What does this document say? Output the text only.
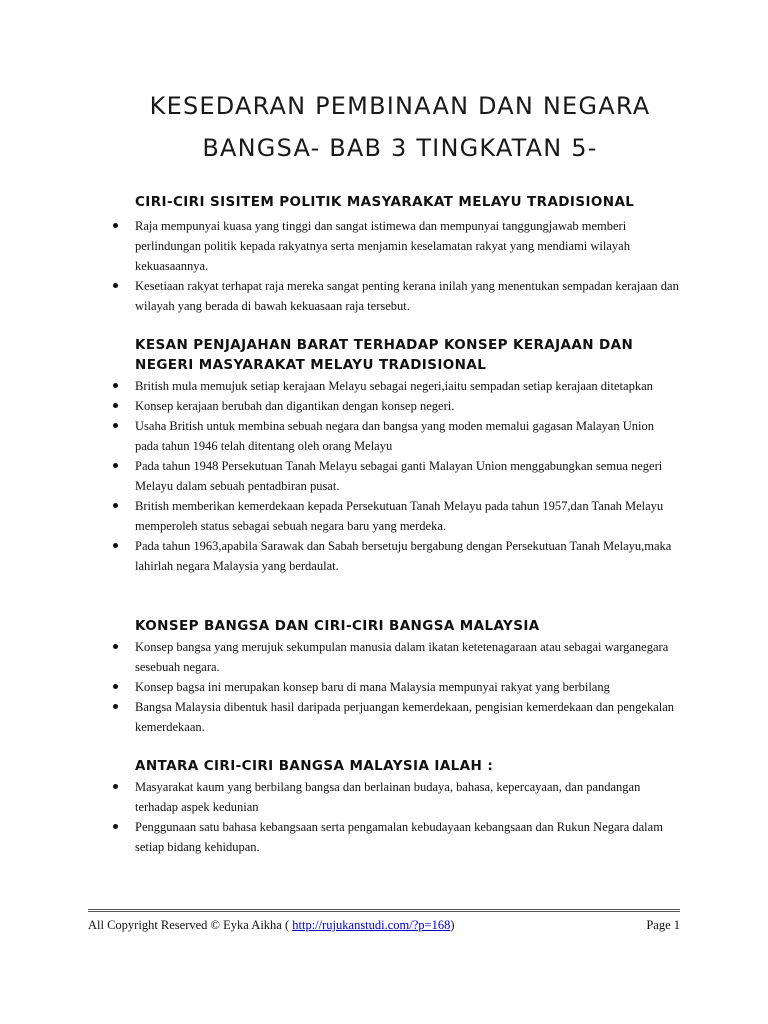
KESEDARAN PEMBINAAN DAN NEGARA
BANGSA- BAB 3 TINGKATAN 5-
CIRI-CIRI SISITEM POLITIK MASYARAKAT MELAYU TRADISIONAL
Raja mempunyai kuasa yang tinggi dan sangat istimewa dan mempunyai tanggungjawab memberi perlindungan politik kepada rakyatnya serta menjamin keselamatan rakyat yang mendiami wilayah kekuasaannya.
Kesetiaan rakyat terhapat raja mereka sangat penting kerana inilah yang menentukan sempadan kerajaan dan wilayah yang berada di bawah kekuasaan raja tersebut.
KESAN PENJAJAHAN BARAT TERHADAP KONSEP KERAJAAN DAN NEGERI MASYARAKAT MELAYU TRADISIONAL
British mula memujuk setiap kerajaan Melayu sebagai negeri,iaitu sempadan setiap kerajaan ditetapkan
Konsep kerajaan berubah dan digantikan dengan konsep negeri.
Usaha British untuk membina sebuah negara dan bangsa yang moden memalui gagasan Malayan Union pada tahun 1946 telah ditentang oleh orang Melayu
Pada tahun 1948 Persekutuan Tanah Melayu sebagai ganti Malayan Union menggabungkan semua negeri Melayu dalam sebuah pentadbiran pusat.
British memberikan kemerdekaan kepada Persekutuan Tanah Melayu pada tahun 1957,dan Tanah Melayu memperoleh status sebagai sebuah negara baru yang merdeka.
Pada tahun 1963,apabila Sarawak dan Sabah bersetuju bergabung dengan Persekutuan Tanah Melayu,maka lahirlah negara Malaysia yang berdaulat.
KONSEP BANGSA DAN CIRI-CIRI BANGSA MALAYSIA
Konsep bangsa yang merujuk sekumpulan manusia dalam ikatan ketetenagaraan atau sebagai warganegara sesebuah negara.
Konsep bagsa ini merupakan konsep baru di mana Malaysia mempunyai rakyat yang berbilang
Bangsa Malaysia dibentuk hasil daripada perjuangan kemerdekaan, pengisian kemerdekaan dan pengekalan kemerdekaan.
ANTARA CIRI-CIRI BANGSA MALAYSIA IALAH :
Masyarakat kaum yang berbilang bangsa dan berlainan budaya, bahasa, kepercayaan, dan pandangan terhadap aspek kedunian
Penggunaan satu bahasa kebangsaan serta pengamalan kebudayaan kebangsaan dan Rukun Negara dalam setiap bidang kehidupan.
All Copyright Reserved © Eyka Aikha ( http://rujukanstudi.com/?p=168)	Page 1
